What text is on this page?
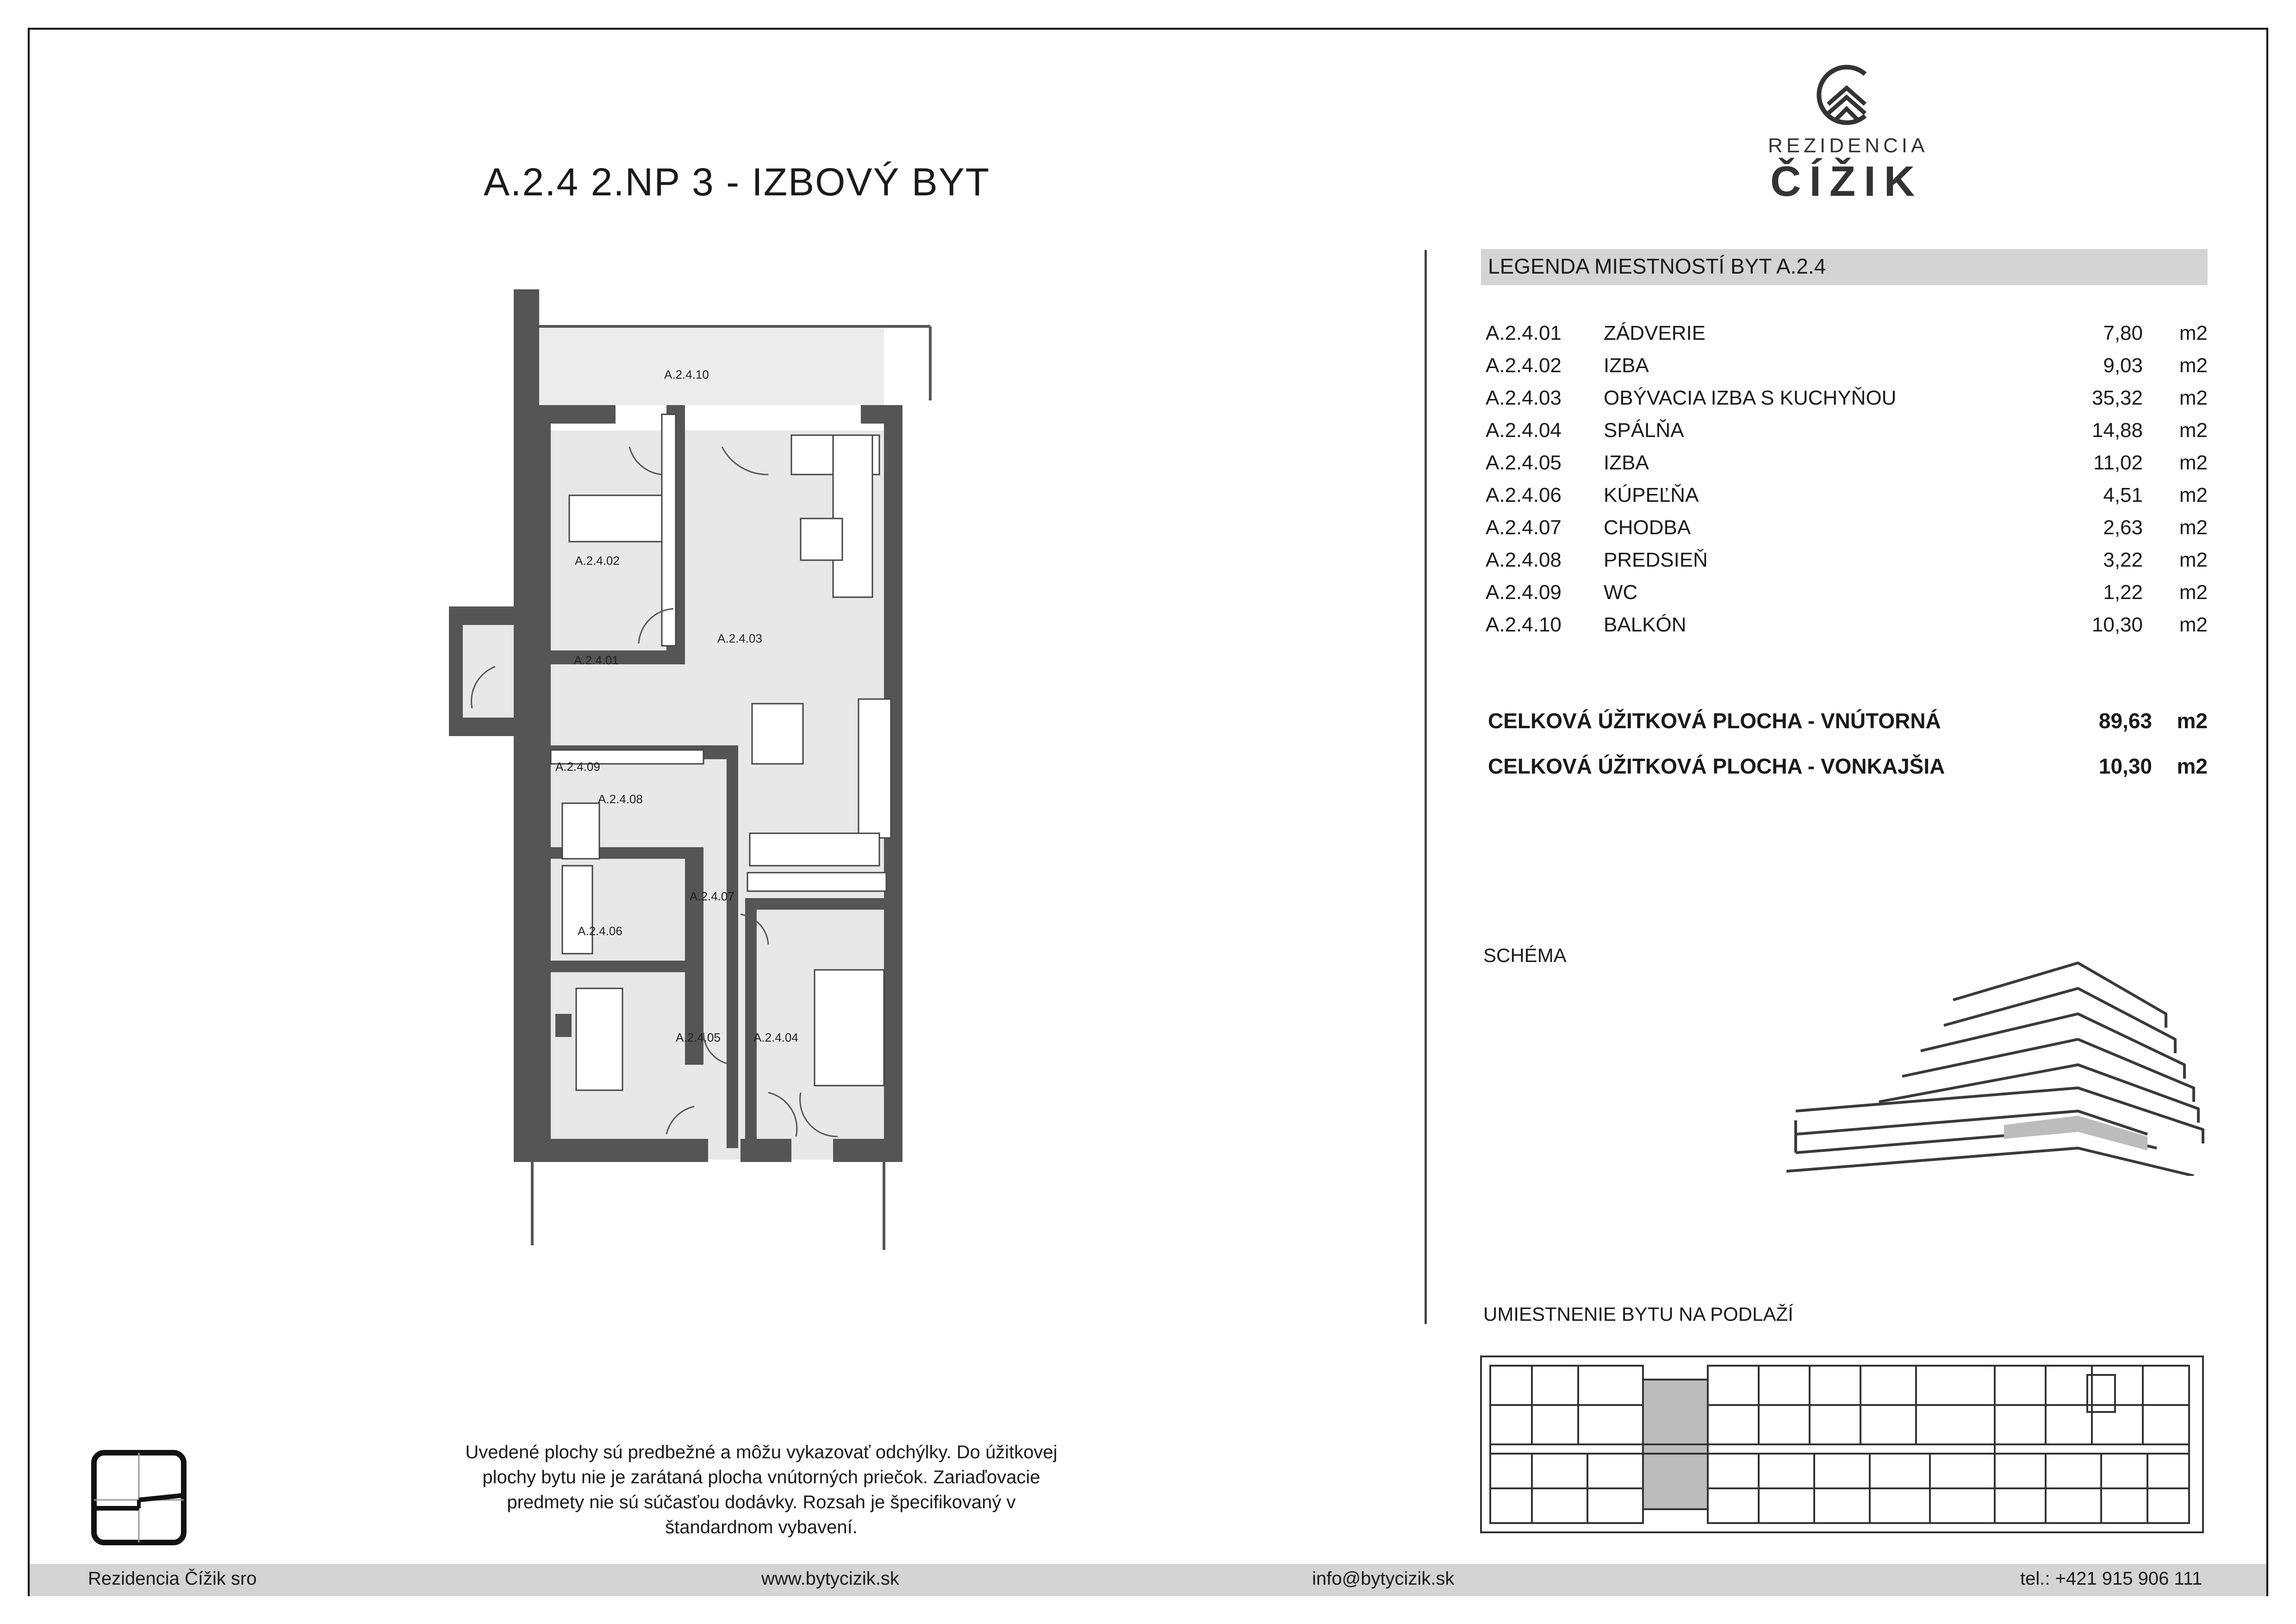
A.2.4 2.NP 3 - IZBOVÝ BYT
REZIDENCIA
ČÍŽIK
LEGENDA MIESTNOSTÍ BYT A.2.4
A.2.4.01 ZÁDVERIE	7,80 m2
A.2.4.02 IZBA	9,03 m2
A.2.4.03 OBÝVACIA IZBA S KUCHYŇOU	35,32 m2
A.2.4.04 SPÁLŇA	14,88 m2
A.2.4.05 IZBA	11,02 m2
A.2.4.06 KÚPEĽŇA	4,51 m2
A.2.4.07 CHODBA	2,63 m2
A.2.4.08 PREDSIEŇ	3,22 m2
A.2.4.09 WC	1,22 m2
A.2.4.10 BALKÓN	10,30 m2
CELKOVÁ ÚŽITKOVÁ PLOCHA - VNÚTORNÁ	89,63 m2
CELKOVÁ ÚŽITKOVÁ PLOCHA - VONKAJŠIA	10,30 m2
SCHÉMA
UMIESTNENIE BYTU NA PODLAŽÍ
A.2.4.10
A.2.4.02
A.2.4.03
A.2.4.01
A.2.4.09
A.2.4.08
A.2.4.07
A.2.4.06
A.2.4.05	A.2.4.04
Uvedené plochy sú predbežné a môžu vykazovať odchýlky. Do úžitkovej
plochy bytu nie je zarátaná plocha vnútorných priečok. Zariaďovacie
predmety nie sú súčasťou dodávky. Rozsah je špecifikovaný v
štandardnom vybavení.
Rezidencia Čížik sro	www.bytycizik.sk	info@bytycizik.sk	tel.: +421 915 906 111
